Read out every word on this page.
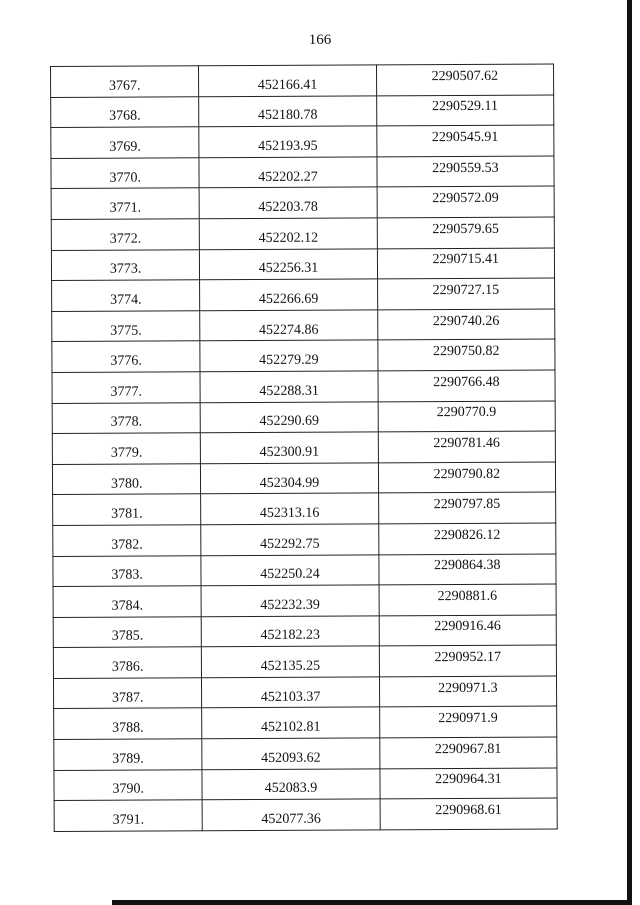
166
3767.	452166.41	2290507.62
3768.	452180.78	2290529.11
3769.	452193.95	2290545.91
3770.	452202.27	2290559.53
3771.	452203.78	2290572.09
3772.	452202.12	2290579.65
3773.	452256.31	2290715.41
3774.	452266.69	2290727.15
3775.	452274.86	2290740.26
3776.	452279.29	2290750.82
3777.	452288.31	2290766.48
3778.	452290.69	2290770.9
3779.	452300.91	2290781.46
3780.	452304.99	2290790.82
3781.	452313.16	2290797.85
3782.	452292.75	2290826.12
3783.	452250.24	2290864.38
3784.	452232.39	2290881.6
3785.	452182.23	2290916.46
3786.	452135.25	2290952.17
3787.	452103.37	2290971.3
3788.	452102.81	2290971.9
3789.	452093.62	2290967.81
3790.	452083.9	2290964.31
3791.	452077.36	2290968.61
